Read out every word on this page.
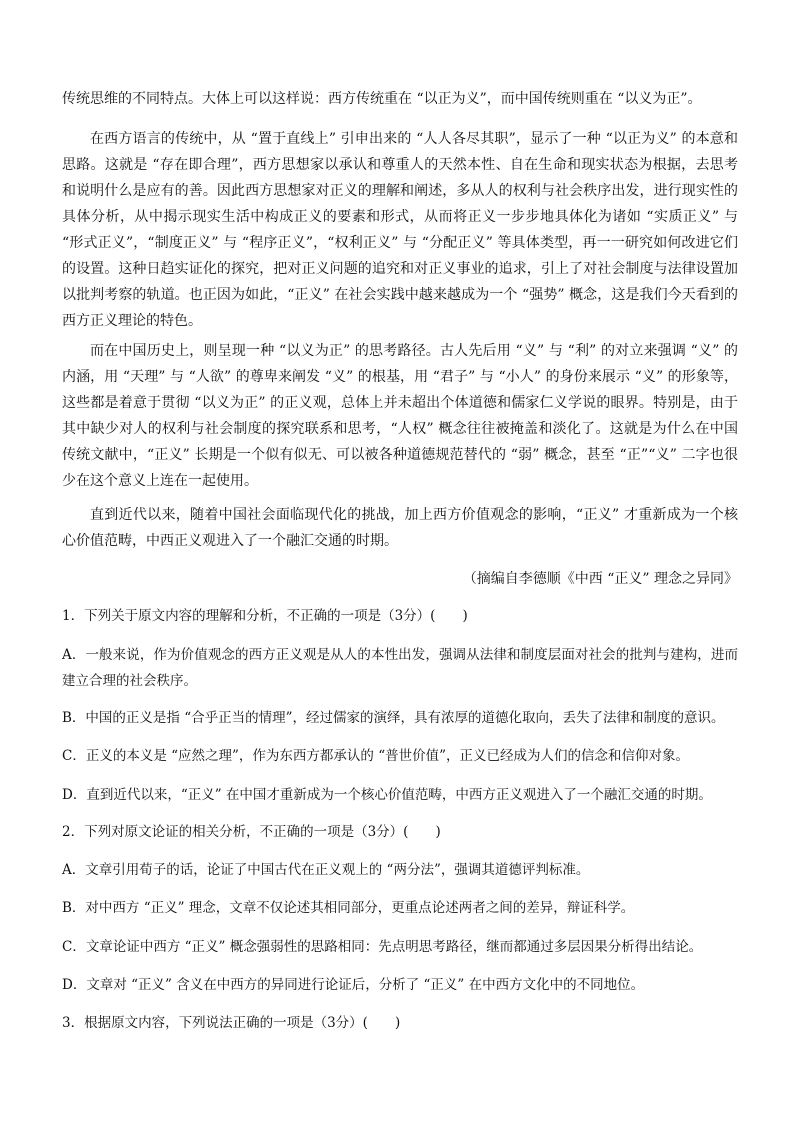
传统思维的不同特点。大体上可以这样说：西方传统重在 “以正为义”，而中国传统则重在 “以义为正”。

在西方语言的传统中，从 “置于直线上” 引申出来的 “人人各尽其职”，显示了一种 “以正为义” 的本意和思路。这就是 “存在即合理”，西方思想家以承认和尊重人的天然本性、自在生命和现实状态为根据，去思考和说明什么是应有的善。因此西方思想家对正义的理解和阐述，多从人的权利与社会秩序出发，进行现实性的具体分析，从中揭示现实生活中构成正义的要素和形式，从而将正义一步步地具体化为诸如 “实质正义” 与 “形式正义”，“制度正义” 与 “程序正义”，“权利正义” 与 “分配正义” 等具体类型，再一一研究如何改进它们的设置。这种日趋实证化的探究，把对正义问题的追究和对正义事业的追求，引上了对社会制度与法律设置加以批判考察的轨道。也正因为如此，“正义” 在社会实践中越来越成为一个 “强势” 概念，这是我们今天看到的西方正义理论的特色。

而在中国历史上，则呈现一种 “以义为正” 的思考路径。古人先后用 “义” 与 “利” 的对立来强调 “义” 的内涵，用 “天理” 与 “人欲” 的尊卑来阐发 “义” 的根基，用 “君子” 与 “小人” 的身份来展示 “义” 的形象等，这些都是着意于贯彻 “以义为正” 的正义观，总体上并未超出个体道德和儒家仁义学说的眼界。特别是，由于其中缺少对人的权利与社会制度的探究联系和思考，“人权” 概念往往被掩盖和淡化了。这就是为什么在中国传统文献中，“正义” 长期是一个似有似无、可以被各种道德规范替代的 “弱” 概念，甚至 “正”“义” 二字也很少在这个意义上连在一起使用。

直到近代以来，随着中国社会面临现代化的挑战，加上西方价值观念的影响，“正义” 才重新成为一个核心价值范畴，中西正义观进入了一个融汇交通的时期。

（摘编自李德顺《中西 “正义” 理念之异同》
1．下列关于原文内容的理解和分析，不正确的一项是（3分）(　　)
A．一般来说，作为价值观念的西方正义观是从人的本性出发，强调从法律和制度层面对社会的批判与建构，进而建立合理的社会秩序。
B．中国的正义是指 “合乎正当的情理”，经过儒家的演绎，具有浓厚的道德化取向，丢失了法律和制度的意识。
C．正义的本义是 “应然之理”，作为东西方都承认的 “普世价值”，正义已经成为人们的信念和信仰对象。
D．直到近代以来，“正义” 在中国才重新成为一个核心价值范畴，中西方正义观进入了一个融汇交通的时期。
2．下列对原文论证的相关分析，不正确的一项是（3分）(　　)
A．文章引用荀子的话，论证了中国古代在正义观上的 “两分法”，强调其道德评判标准。
B．对中西方 “正义” 理念，文章不仅论述其相同部分，更重点论述两者之间的差异，辩证科学。
C．文章论证中西方 “正义” 概念强弱性的思路相同：先点明思考路径，继而都通过多层因果分析得出结论。
D．文章对 “正义” 含义在中西方的异同进行论证后，分析了 “正义” 在中西方文化中的不同地位。
3．根据原文内容，下列说法正确的一项是（3分）(　　)
